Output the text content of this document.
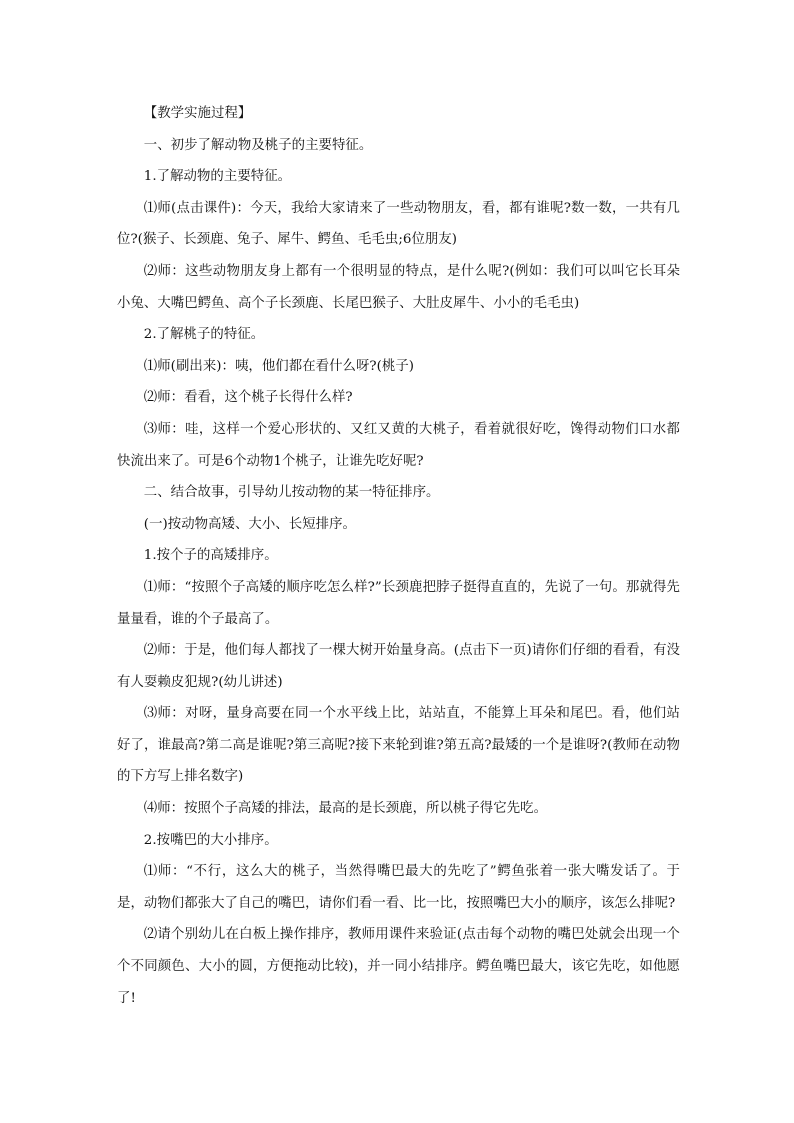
【教学实施过程】

一、初步了解动物及桃子的主要特征。

1.了解动物的主要特征。

⑴师(点击课件)：今天，我给大家请来了一些动物朋友，看，都有谁呢?数一数，一共有几位?(猴子、长颈鹿、兔子、犀牛、鳄鱼、毛毛虫;6位朋友)

⑵师：这些动物朋友身上都有一个很明显的特点，是什么呢?(例如：我们可以叫它长耳朵小兔、大嘴巴鳄鱼、高个子长颈鹿、长尾巴猴子、大肚皮犀牛、小小的毛毛虫)

2.了解桃子的特征。

⑴师(刷出来)：咦，他们都在看什么呀?(桃子)

⑵师：看看，这个桃子长得什么样?

⑶师：哇，这样一个爱心形状的、又红又黄的大桃子，看着就很好吃，馋得动物们口水都快流出来了。可是6个动物1个桃子，让谁先吃好呢?

二、结合故事，引导幼儿按动物的某一特征排序。

(一)按动物高矮、大小、长短排序。

1.按个子的高矮排序。

⑴师：“按照个子高矮的顺序吃怎么样?”长颈鹿把脖子挺得直直的，先说了一句。那就得先量量看，谁的个子最高了。

⑵师：于是，他们每人都找了一棵大树开始量身高。(点击下一页)请你们仔细的看看，有没有人耍赖皮犯规?(幼儿讲述)

⑶师：对呀，量身高要在同一个水平线上比，站站直，不能算上耳朵和尾巴。看，他们站好了，谁最高?第二高是谁呢?第三高呢?接下来轮到谁?第五高?最矮的一个是谁呀?(教师在动物的下方写上排名数字)

⑷师：按照个子高矮的排法，最高的是长颈鹿，所以桃子得它先吃。

2.按嘴巴的大小排序。

⑴师：“不行，这么大的桃子，当然得嘴巴最大的先吃了”鳄鱼张着一张大嘴发话了。于是，动物们都张大了自己的嘴巴，请你们看一看、比一比，按照嘴巴大小的顺序，该怎么排呢?

⑵请个别幼儿在白板上操作排序，教师用课件来验证(点击每个动物的嘴巴处就会出现一个个不同颜色、大小的圆，方便拖动比较)，并一同小结排序。鳄鱼嘴巴最大，该它先吃，如他愿了!
